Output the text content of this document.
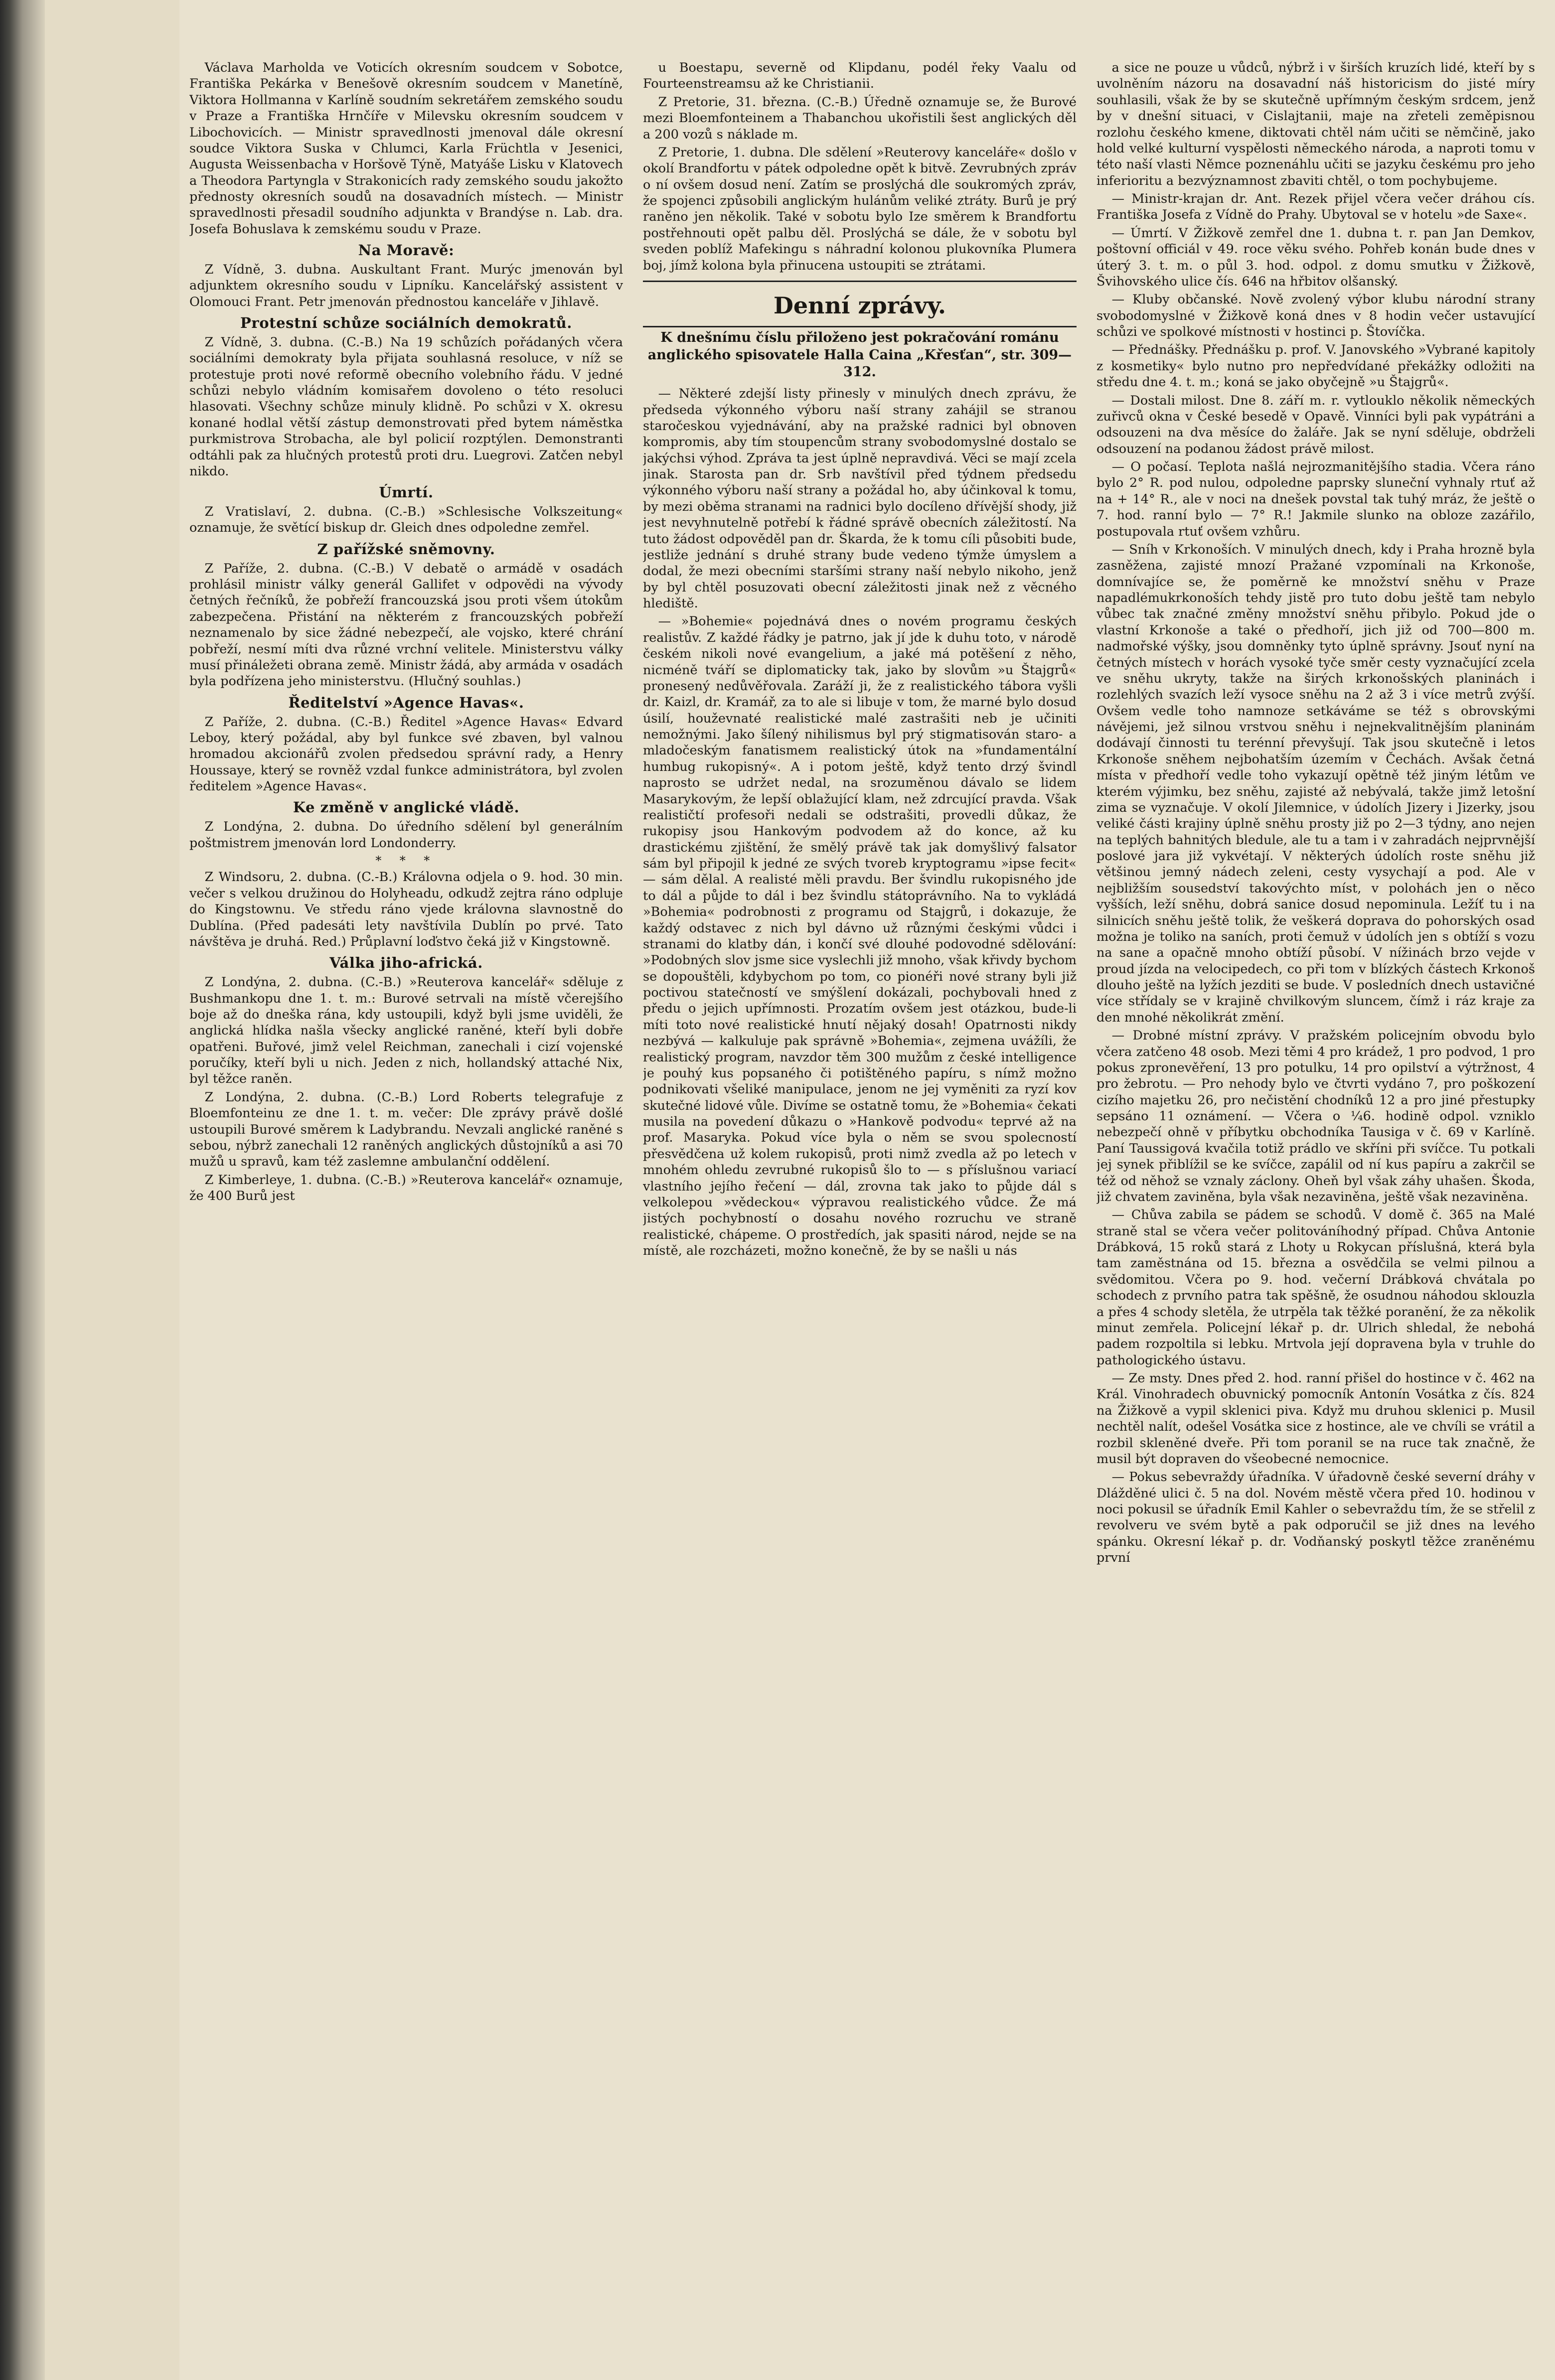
Václava Marholda ve Voticích okresním soudcem v Sobotce, Františka Pekárka v Benešově okresním soudcem v Manetíně, Viktora Hollmanna v Karlíně soudním sekretářem zemského soudu v Praze a Františka Hrnčíře v Milevsku okresním soudcem v Libochovicích. — Ministr spravedlnosti jmenoval dále okresní soudce Viktora Suska v Chlumci, Karla Früchtla v Jesenici, Augusta Weissenbacha v Horšově Týně, Matyáše Lisku v Klatovech a Theodora Partyngla v Strakonicích rady zemského soudu jakožto přednosty okresních soudů na dosavadních místech. — Ministr spravedlnosti přesadil soudního adjunkta v Brandýse n. Lab. dra. Josefa Bohuslava k zemskému soudu v Praze.

Na Moravě:

Z Vídně, 3. dubna. Auskultant Frant. Murýc jmenován byl adjunktem okresního soudu v Lipníku. Kancelářský assistent v Olomouci Frant. Petr jmenován přednostou kanceláře v Jihlavě.

Protestní schůze sociálních demokratů.

Z Vídně, 3. dubna. (C.-B.) Na 19 schůzích pořádaných včera sociálními demokraty byla přijata souhlasná resoluce, v níž se protestuje proti nové reformě obecního volebního řádu. V jedné schůzi nebylo vládním komisařem dovoleno o této resoluci hlasovati. Všechny schůze minuly klidně. Po schůzi v X. okresu konané hodlal větší zástup demonstrovati před bytem náměstka purkmistrova Strobacha, ale byl policií rozptýlen. Demonstranti odtáhli pak za hlučných protestů proti dru. Luegrovi. Zatčen nebyl nikdo.

Úmrtí.

Z Vratislaví, 2. dubna. (C.-B.) »Schlesische Volkszeitung« oznamuje, že světící biskup dr. Gleich dnes odpoledne zemřel.

Z pařížské sněmovny.

Z Paříže, 2. dubna. (C.-B.) V debatě o armádě v osadách prohlásil ministr války generál Gallifet v odpovědi na vývody četných řečníků, že pobřeží francouzská jsou proti všem útokům zabezpečena. Přistání na některém z francouzských pobřeží neznamenalo by sice žádné nebezpečí, ale vojsko, které chrání pobřeží, nesmí míti dva různé vrchní velitele. Ministerstvu války musí přináležeti obrana země. Ministr žádá, aby armáda v osadách byla podřízena jeho ministerstvu. (Hlučný souhlas.)

Ředitelství »Agence Havas«.

Z Paříže, 2. dubna. (C.-B.) Ředitel »Agence Havas« Edvard Leboy, který požádal, aby byl funkce své zbaven, byl valnou hromadou akcionářů zvolen předsedou správní rady, a Henry Houssaye, který se rovněž vzdal funkce administrátora, byl zvolen ředitelem »Agence Havas«.

Ke změně v anglické vládě.

Z Londýna, 2. dubna. Do úředního sdělení byl generálním poštmistrem jmenován lord Londonderry.

* * *

Z Windsoru, 2. dubna. (C.-B.) Královna odjela o 9. hod. 30 min. večer s velkou družinou do Holyheadu, odkudž zejtra ráno odpluje do Kingstownu. Ve středu ráno vjede královna slavnostně do Dublína. (Před padesáti lety navštívila Dublín po prvé. Tato návštěva je druhá. Red.) Průplavní loďstvo čeká již v Kingstowně.

Válka jiho-africká.

Z Londýna, 2. dubna. (C.-B.) »Reuterova kancelář« sděluje z Bushmankopu dne 1. t. m.: Burové setrvali na místě včerejšího boje až do dneška rána, kdy ustoupili, když byli jsme uviděli, že anglická hlídka našla všecky anglické raněné, kteří byli dobře opatřeni. Buřové, jimž velel Reichman, zanechali i cizí vojenské poručíky, kteří byli u nich. Jeden z nich, hollandský attaché Nix, byl těžce raněn.

Z Londýna, 2. dubna. (C.-B.) Lord Roberts telegrafuje z Bloemfonteinu ze dne 1. t. m. večer: Dle zprávy právě došlé ustoupili Burové směrem k Ladybrandu. Nevzali anglické raněné s sebou, nýbrž zanechali 12 raněných anglických důstojníků a asi 70 mužů u spravů, kam též zaslemne ambulanční oddělení.

Z Kimberleye, 1. dubna. (C.-B.) »Reuterova kancelář« oznamuje, že 400 Burů jest

u Boestapu, severně od Klipdanu, podél řeky Vaalu od Fourteenstreamsu až ke Christianii.

Z Pretorie, 31. března. (C.-B.) Úředně oznamuje se, že Burové mezi Bloemfonteinem a Thabanchou ukořistili šest anglických děl a 200 vozů s náklade m.

Z Pretorie, 1. dubna. Dle sdělení »Reuterovy kanceláře« došlo v okolí Brandfortu v pátek odpoledne opět k bitvě. Zevrubných zpráv o ní ovšem dosud není. Zatím se proslýchá dle soukromých zpráv, že spojenci způsobili anglickým hulánům veliké ztráty. Burů je prý raněno jen několik. Také v sobotu bylo Ize směrem k Brandfortu postřehnouti opět palbu děl. Proslýchá se dále, že v sobotu byl sveden poblíž Mafekingu s náhradní kolonou plukovníka Plumera boj, jímž kolona byla přinucena ustoupiti se ztrátami.

Denní zprávy.

K dnešnímu číslu přiloženo jest pokračování románu anglického spisovatele Halla Caina „Křesťan“, str. 309—312.

— Některé zdejší listy přinesly v minulých dnech zprávu, že předseda výkonného výboru naší strany zahájil se stranou staročeskou vyjednávání, aby na pražské radnici byl obnoven kompromis, aby tím stoupencům strany svobodomyslné dostalo se jakýchsi výhod. Zpráva ta jest úplně nepravdivá. Věci se mají zcela jinak. Starosta pan dr. Srb navštívil před týdnem předsedu výkonného výboru naší strany a požádal ho, aby účinkoval k tomu, by mezi oběma stranami na radnici bylo docíleno dřívější shody, již jest nevyhnutelně potřebí k řádné správě obecních záležitostí. Na tuto žádost odpověděl pan dr. Škarda, že k tomu cíli působiti bude, jestliže jednání s druhé strany bude vedeno týmže úmyslem a dodal, že mezi obecními staršími strany naší nebylo nikoho, jenž by byl chtěl posuzovati obecní záležitosti jinak než z věcného hlediště.

— »Bohemie« pojednává dnes o novém programu českých realistův. Z každé řádky je patrno, jak jí jde k duhu toto, v národě českém nikoli nové evangelium, a jaké má potěšení z něho, nicméně tváří se diplomaticky tak, jako by slovům »u Štajgrů« pronesený nedůvěřovala. Zaráží ji, že z realistického tábora vyšli dr. Kaizl, dr. Kramář, za to ale si libuje v tom, že marné bylo dosud úsilí, houževnaté realistické malé zastrašiti neb je učiniti nemožnými. Jako šílený nihilismus byl prý stigmatisován staro- a mladočeským fanatismem realistický útok na »fundamentální humbug rukopisný«. A i potom ještě, když tento drzý švindl naprosto se udržet nedal, na srozuměnou dávalo se lidem Masarykovým, že lepší oblažující klam, než zdrcující pravda. Však realističtí profesoři nedali se odstrašiti, provedli důkaz, že rukopisy jsou Hankovým podvodem až do konce, až ku drastickému zjištění, že smělý právě tak jak domyšlivý falsator sám byl připojil k jedné ze svých tvoreb kryptogramu »ipse fecit« — sám dělal. A realisté měli pravdu. Ber švindlu rukopisného jde to dál a půjde to dál i bez švindlu státoprávního. Na to vykládá »Bohemia« podrobnosti z programu od Stajgrů, i dokazuje, že každý odstavec z nich byl dávno už různými českými vůdci i stranami do klatby dán, i končí své dlouhé podovodné sdělování: »Podobných slov jsme sice vyslechli již mnoho, však křivdy bychom se dopouštěli, kdybychom po tom, co pionéři nové strany byli již poctivou statečností ve smýšlení dokázali, pochybovali hned z předu o jejich upřímnosti. Prozatím ovšem jest otázkou, bude-li míti toto nové realistické hnutí nějaký dosah! Opatrnosti nikdy nezbývá — kalkuluje pak správně »Bohemia«, zejmena uvážíli, že realistický program, navzdor těm 300 mužům z české intelligence je pouhý kus popsaného či potištěného papíru, s nímž možno podnikovati všeliké manipulace, jenom ne jej vyměniti za ryzí kov skutečné lidové vůle. Divíme se ostatně tomu, že »Bohemia« čekati musila na povedení důkazu o »Hankově podvodu« teprvé až na prof. Masaryka. Pokud více byla o něm se svou spolecností přesvědčena už kolem rukopisů, proti nimž zvedla až po letech v mnohém ohledu zevrubné rukopisů šlo to — s příslušnou variací vlastního jejího řečení — dál, zrovna tak jako to půjde dál s velkolepou »vědeckou« výpravou realistického vůdce. Že má jistých pochybností o dosahu nového rozruchu ve straně realistické, chápeme. O prostředích, jak spasiti národ, nejde se na místě, ale rozcházeti, možno konečně, že by se našli u nás

a sice ne pouze u vůdců, nýbrž i v širších kruzích lidé, kteří by s uvolněním názoru na dosavadní náš historicism do jisté míry souhlasili, však že by se skutečně upřímným českým srdcem, jenž by v dnešní situaci, v Cislajtanii, maje na zřeteli zeměpisnou rozlohu českého kmene, diktovati chtěl nám učiti se němčině, jako hold velké kulturní vyspělosti německého národa, a naproti tomu v této naší vlasti Němce poznenáhlu učiti se jazyku českému pro jeho inferioritu a bezvýznamnost zbaviti chtěl, o tom pochybujeme.

— Ministr-krajan dr. Ant. Rezek přijel včera večer dráhou cís. Františka Josefa z Vídně do Prahy. Ubytoval se v hotelu »de Saxe«.

— Úmrtí. V Žižkově zemřel dne 1. dubna t. r. pan Jan Demkov, poštovní officiál v 49. roce věku svého. Pohřeb konán bude dnes v úterý 3. t. m. o půl 3. hod. odpol. z domu smutku v Žižkově, Švihovského ulice čís. 646 na hřbitov olšanský.

— Kluby občanské. Nově zvolený výbor klubu národní strany svobodomyslné v Žižkově koná dnes v 8 hodin večer ustavující schůzi ve spolkové místnosti v hostinci p. Štovíčka.

— Přednášky. Přednášku p. prof. V. Janovského »Vybrané kapitoly z kosmetiky« bylo nutno pro nepředvídané překážky odložiti na středu dne 4. t. m.; koná se jako obyčejně »u Štajgrů«.

— Dostali milost. Dne 8. září m. r. vytlouklo několik německých zuřivců okna v České besedě v Opavě. Vinníci byli pak vypátráni a odsouzeni na dva měsíce do žaláře. Jak se nyní sděluje, obdrželi odsouzení na podanou žádost právě milost.

— O počasí. Teplota našlá nejrozmanitějšího stadia. Včera ráno bylo 2° R. pod nulou, odpoledne paprsky sluneční vyhnaly rtuť až na + 14° R., ale v noci na dnešek povstal tak tuhý mráz, že ještě o 7. hod. ranní bylo — 7° R.! Jakmile slunko na obloze zazářilo, postupovala rtuť ovšem vzhůru.

— Sníh v Krkonoších. V minulých dnech, kdy i Praha hrozně byla zasněžena, zajisté mnozí Pražané vzpomínali na Krkonoše, domnívajíce se, že poměrně ke množství sněhu v Praze napadlémukrkonoších tehdy jistě pro tuto dobu ještě tam nebylo vůbec tak značné změny množství sněhu přibylo. Pokud jde o vlastní Krkonoše a také o předhoří, jich již od 700—800 m. nadmořské výšky, jsou domněnky tyto úplně správny. Jsouť nyní na četných místech v horách vysoké tyče směr cesty vyznačující zcela ve sněhu ukryty, takže na širých krkonošských planinách i rozlehlých svazích leží vysoce sněhu na 2 až 3 i více metrů zvýší. Ovšem vedle toho namnoze setkáváme se též s obrovskými návějemi, jež silnou vrstvou sněhu i nejnekvalitnějším planinám dodávají činnosti tu terénní převyšují. Tak jsou skutečně i letos Krkonoše sněhem nejbohatším územím v Čechách. Avšak četná místa v předhoří vedle toho vykazují opětně též jiným létům ve kterém výjimku, bez sněhu, zajisté až nebývalá, takže jimž letošní zima se vyznačuje. V okolí Jilemnice, v údolích Jizery i Jizerky, jsou veliké části krajiny úplně sněhu prosty již po 2—3 týdny, ano nejen na teplých bahnitých bledule, ale tu a tam i v zahradách nejprvnější poslové jara již vykvétají. V některých údolích roste sněhu již většinou jemný nádech zeleni, cesty vysychají a pod. Ale v nejbližším sousedství takovýchto míst, v polohách jen o něco vyšších, leží sněhu, dobrá sanice dosud nepominula. Ležíť tu i na silnicích sněhu ještě tolik, že veškerá doprava do pohorských osad možna je toliko na saních, proti čemuž v údolích jen s obtíží s vozu na sane a opačně mnoho obtíží působí. V nížinách brzo vejde v proud jízda na velocipedech, co při tom v blízkých částech Krkonoš dlouho ještě na lyžích jezditi se bude. V posledních dnech ustavičné více střídaly se v krajině chvilkovým sluncem, čímž i ráz kraje za den mnohé několikrát změní.

— Drobné místní zprávy. V pražském policejním obvodu bylo včera zatčeno 48 osob. Mezi těmi 4 pro krádež, 1 pro podvod, 1 pro pokus zpronevěření, 13 pro potulku, 14 pro opilství a výtržnost, 4 pro žebrotu. — Pro nehody bylo ve čtvrti vydáno 7, pro poškození cizího majetku 26, pro nečistění chodníků 12 a pro jiné přestupky sepsáno 11 oznámení. — Včera o ¼6. hodině odpol. vzniklo nebezpečí ohně v příbytku obchodníka Tausiga v č. 69 v Karlíně. Paní Taussigová kvačila totiž prádlo ve skříni při svíčce. Tu potkali jej synek přiblížil se ke svíčce, zapálil od ní kus papíru a zakrčil se též od něhož se vznaly záclony. Oheň byl však záhy uhašen. Škoda, již chvatem zaviněna, byla však nezaviněna, ještě však nezaviněna.

— Chůva zabila se pádem se schodů. V domě č. 365 na Malé straně stal se včera večer politováníhodný případ. Chůva Antonie Drábková, 15 roků stará z Lhoty u Rokycan příslušná, která byla tam zaměstnána od 15. března a osvědčila se velmi pilnou a svědomitou. Včera po 9. hod. večerní Drábková chvátala po schodech z prvního patra tak spěšně, že osudnou náhodou sklouzla a přes 4 schody sletěla, že utrpěla tak těžké poranění, že za několik minut zemřela. Policejní lékař p. dr. Ulrich shledal, že nebohá padem rozpoltila si lebku. Mrtvola její dopravena byla v truhle do pathologického ústavu.

— Ze msty. Dnes před 2. hod. ranní přišel do hostince v č. 462 na Král. Vinohradech obuvnický pomocník Antonín Vosátka z čís. 824 na Žižkově a vypil sklenici piva. Když mu druhou sklenici p. Musil nechtěl nalít, odešel Vosátka sice z hostince, ale ve chvíli se vrátil a rozbil skleněné dveře. Při tom poranil se na ruce tak značně, že musil být dopraven do všeobecné nemocnice.

— Pokus sebevraždy úřadníka. V úřadovně české severní dráhy v Dlážděné ulici č. 5 na dol. Novém městě včera před 10. hodinou v noci pokusil se úřadník Emil Kahler o sebevraždu tím, že se střelil z revolveru ve svém bytě a pak odporučil se již dnes na levého spánku. Okresní lékař p. dr. Vodňanský poskytl těžce zraněnému první
